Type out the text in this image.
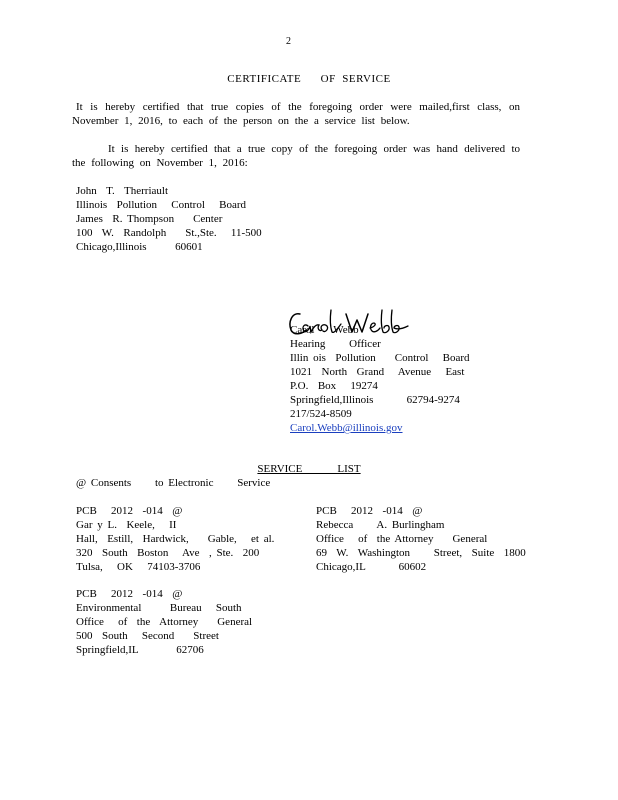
2
CERTIFICATE      OF  SERVICE
It is hereby certified that true copies of the foregoing order were mailed,first class, on November 1, 2016, to each of the person on the a service list below.
It is hereby certified that a true copy of the foregoing order was hand delivered to the following on November 1, 2016:
John  T.  Therriault
Illinois  Pollution   Control   Board
James  R. Thompson    Center
100  W.  Randolph    St.,Ste.   11-500
Chicago,Illinois      60601

Carol    Webb
Hearing     Officer
Illin ois  Pollution    Control   Board
1021  North  Grand   Avenue   East
P.O.  Box   19274
Springfield,Illinois       62794-9274
217/524-8509
Carol.Webb@illinois.gov
SERVICE    LIST
@ Consents     to Electronic     Service
PCB   2012  -014  @
Gar y L.  Keele,   II
Hall,  Estill,  Hardwick,    Gable,   et al.
320  South  Boston   Ave  , Ste.  200
Tulsa,   OK   74103-3706
PCB   2012  -014  @
Rebecca     A. Burlingham
Office   of  the Attorney    General
69  W.  Washington     Street,  Suite  1800
Chicago,IL       60602
PCB   2012  -014  @
Environmental      Bureau   South
Office   of  the  Attorney    General
500  South   Second    Street
Springfield,IL        62706
